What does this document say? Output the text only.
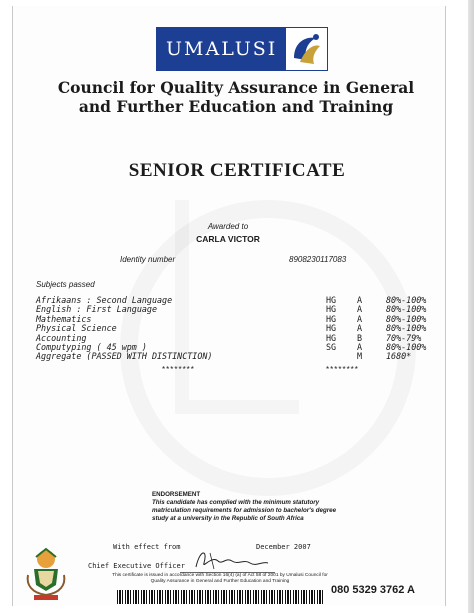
UMALUSI
Council for Quality Assurance in General
and Further Education and Training
SENIOR CERTIFICATE
Awarded to
CARLA VICTOR
Identity number	8908230117083
Subjects passed
Afrikaans : Second Language	HG A	80%-100%
English : First Language	HG A	80%-100%
Mathematics	HG A	80%-100%
Physical Science	HG A	80%-100%
Accounting	HG B	70%-79%
Computyping ( 45 wpm )	SG A	80%-100%
Aggregate (PASSED WITH DISTINCTION)	M	1680*
********	********
ENDORSEMENT
This candidate has complied with the minimum statutory matriculation requirements for admission to bachelor's degree study at a university in the Republic of South Africa
With effect from	December 2007
Chief Executive Officer
This certificate is issued in accordance with Section 16(4) (a) of Act 58 of 2001 by Umalusi Council for Quality Assurance in General and Further Education and Training
080 5329 3762 A
